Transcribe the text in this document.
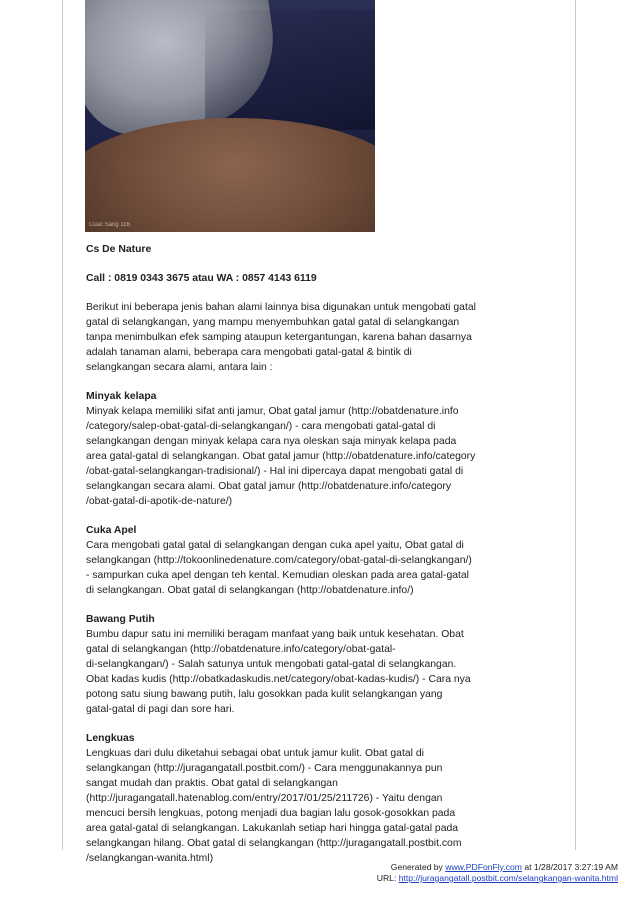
Cuac Sarig 116

Cs De Nature

Call : 0819 0343 3675 atau WA : 0857 4143 6119

Berikut ini beberapa jenis bahan alami lainnya bisa digunakan untuk mengobati gatal

gatal di selangkangan, yang mampu menyembuhkan gatal gatal di selangkangan

tanpa menimbulkan efek samping ataupun ketergantungan, karena bahan dasarnya

adalah tanaman alami, beberapa cara mengobati gatal-gatal & bintik di

selangkangan secara alami, antara lain :

Minyak kelapa

Minyak kelapa memiliki sifat anti jamur, Obat gatal jamur (http://obatdenature.info

/category/salep-obat-gatal-di-selangkangan/) - cara mengobati gatal-gatal di

selangkangan dengan minyak kelapa cara nya oleskan saja minyak kelapa pada

area gatal-gatal di selangkangan. Obat gatal jamur (http://obatdenature.info/category

/obat-gatal-selangkangan-tradisional/) - Hal ini dipercaya dapat mengobati gatal di

selangkangan secara alami. Obat gatal jamur (http://obatdenature.info/category

/obat-gatal-di-apotik-de-nature/)

Cuka Apel

Cara mengobati gatal gatal di selangkangan dengan cuka apel yaitu, Obat gatal di

selangkangan (http://tokoonlinedenature.com/category/obat-gatal-di-selangkangan/)

- sampurkan cuka apel dengan teh kental. Kemudian oleskan pada area gatal-gatal

di selangkangan. Obat gatal di selangkangan (http://obatdenature.info/)

Bawang Putih

Bumbu dapur satu ini memiliki beragam manfaat yang baik untuk kesehatan. Obat

gatal di selangkangan (http://obatdenature.info/category/obat-gatal-

di-selangkangan/) - Salah satunya untuk mengobati gatal-gatal di selangkangan.

Obat kadas kudis (http://obatkadaskudis.net/category/obat-kadas-kudis/) - Cara nya

potong satu siung bawang putih, lalu gosokkan pada kulit selangkangan yang

gatal-gatal di pagi dan sore hari.

Lengkuas

Lengkuas dari dulu diketahui sebagai obat untuk jamur kulit. Obat gatal di

selangkangan (http://juragangatall.postbit.com/) - Cara menggunakannya pun

sangat mudah dan praktis. Obat gatal di selangkangan

(http://juragangatall.hatenablog.com/entry/2017/01/25/211726) - Yaitu dengan

mencuci bersih lengkuas, potong menjadi dua bagian lalu gosok-gosokkan pada

area gatal-gatal di selangkangan. Lakukanlah setiap hari hingga gatal-gatal pada

selangkangan hilang. Obat gatal di selangkangan (http://juragangatall.postbit.com

/selangkangan-wanita.html)

Generated by www.PDFonFly.com at 1/28/2017 3:27:19 AM
URL: http://juragangatall.postbit.com/selangkangan-wanita.html
